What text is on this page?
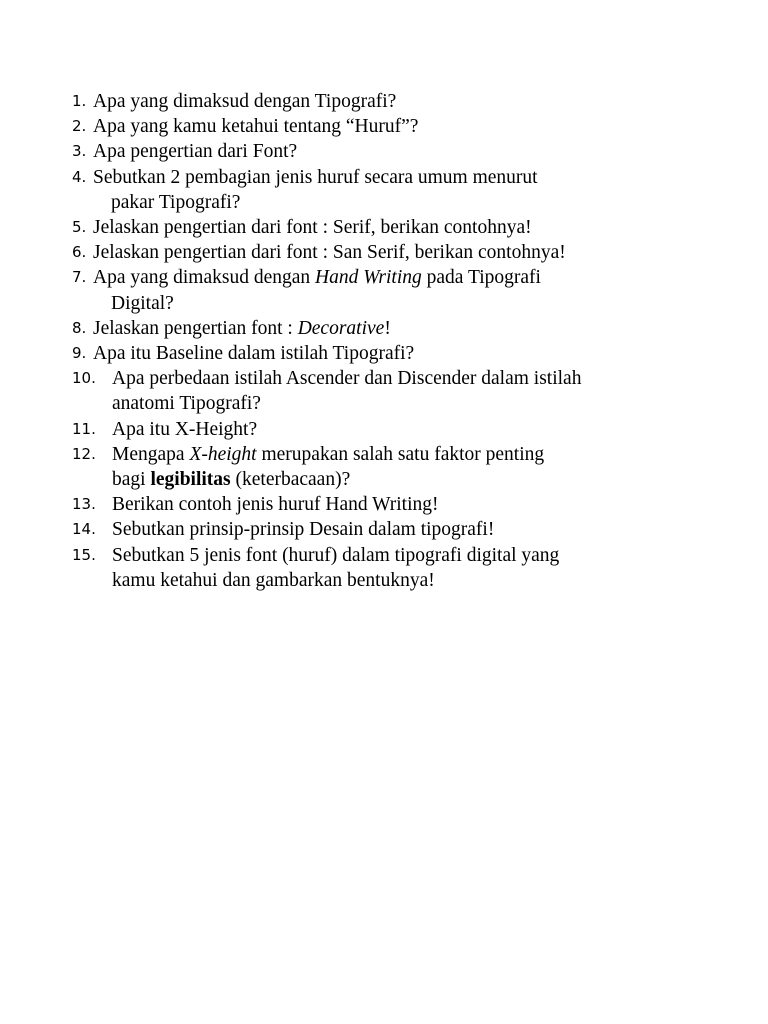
1. Apa yang dimaksud dengan Tipografi?
2. Apa yang kamu ketahui tentang “Huruf”?
3. Apa pengertian dari Font?
4. Sebutkan 2 pembagian jenis huruf secara umum menurut
pakar Tipografi?
5. Jelaskan pengertian dari font : Serif, berikan contohnya!
6. Jelaskan pengertian dari font : San Serif, berikan contohnya!
7. Apa yang dimaksud dengan Hand Writing pada Tipografi
Digital?
8. Jelaskan pengertian font : Decorative!
9. Apa itu Baseline dalam istilah Tipografi?
10. Apa perbedaan istilah Ascender dan Discender dalam istilah
anatomi Tipografi?
11. Apa itu X-Height?
12. Mengapa X-height merupakan salah satu faktor penting
bagi legibilitas (keterbacaan)?
13. Berikan contoh jenis huruf Hand Writing!
14. Sebutkan prinsip-prinsip Desain dalam tipografi!
15. Sebutkan 5 jenis font (huruf) dalam tipografi digital yang
kamu ketahui dan gambarkan bentuknya!
